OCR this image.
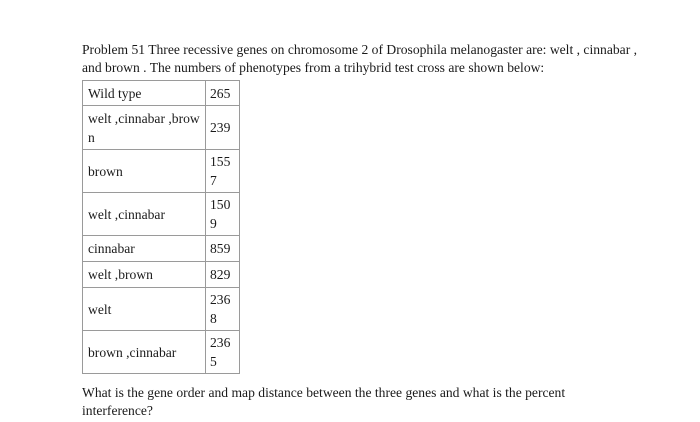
Problem 51 Three recessive genes on chromosome 2 of Drosophila melanogaster are: welt , cinnabar , and brown . The numbers of phenotypes from a trihybrid test cross are shown below:

Wild type	265
welt ,cinnabar ,brown	239
brown	1557
welt ,cinnabar	1509
cinnabar	859
welt ,brown	829
welt	2368
brown ,cinnabar	2365

What is the gene order and map distance between the three genes and what is the percent interference?
